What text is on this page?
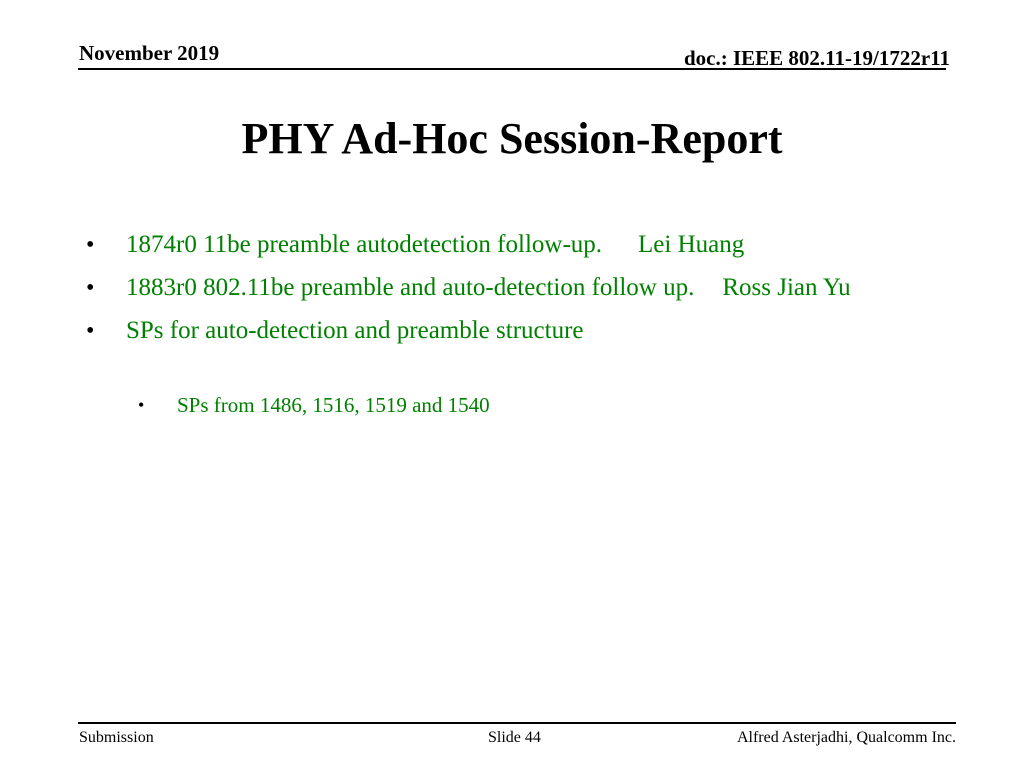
November 2019	doc.: IEEE 802.11-19/1722r11
PHY Ad-Hoc Session-Report
• 1874r0 11be preamble autodetection follow-up. Lei Huang
• 1883r0 802.11be preamble and auto-detection follow up. Ross Jian Yu
• SPs for auto-detection and preamble structure
• SPs from 1486, 1516, 1519 and 1540
Submission	Slide 44	Alfred Asterjadhi, Qualcomm Inc.
